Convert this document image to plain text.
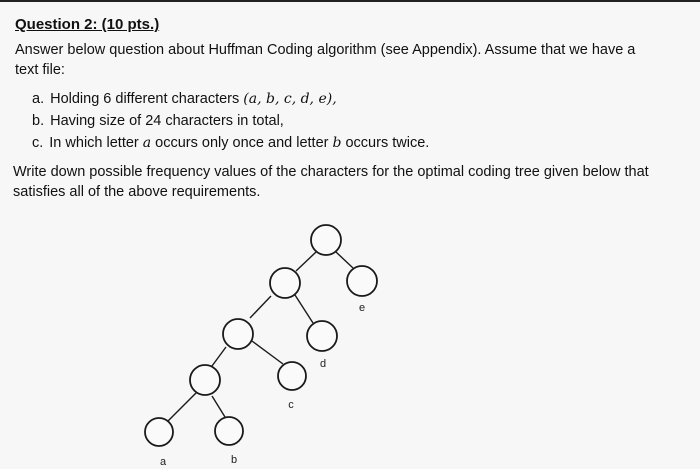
Question 2: (10 pts.)
Answer below question about Huffman Coding algorithm (see Appendix). Assume that we have a text file:
a. Holding 6 different characters (a, b, c, d, e),
b. Having size of 24 characters in total,
c. In which letter a occurs only once and letter b occurs twice.
Write down possible frequency values of the characters for the optimal coding tree given below that satisfies all of the above requirements.
e
d
c
a	b
